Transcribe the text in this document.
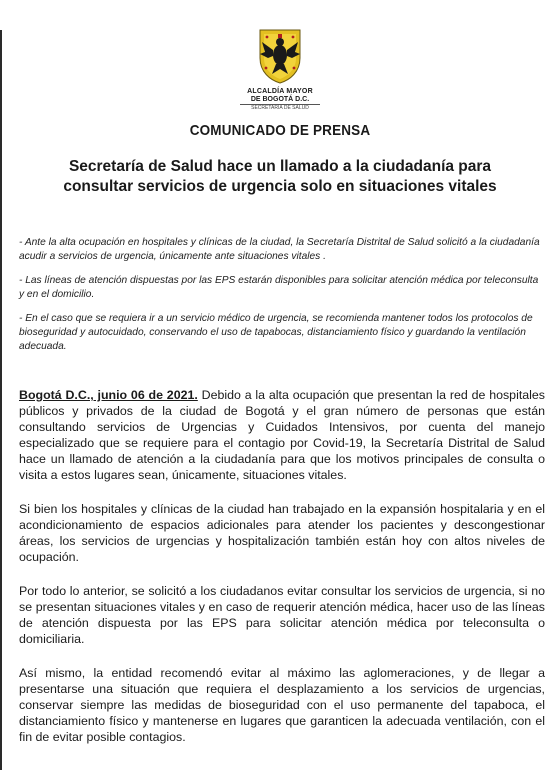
ALCALDÍA MAYOR
DE BOGOTÁ D.C.
SECRETARÍA DE SALUD
COMUNICADO DE PRENSA
Secretaría de Salud hace un llamado a la ciudadanía para consultar servicios de urgencia solo en situaciones vitales

- Ante la alta ocupación en hospitales y clínicas de la ciudad, la Secretaría Distrital de Salud solicitó a la ciudadanía acudir a servicios de urgencia, únicamente ante situaciones vitales .

- Las líneas de atención dispuestas por las EPS estarán disponibles para solicitar atención médica por teleconsulta y en el domicilio.

- En el caso que se requiera ir a un servicio médico de urgencia, se recomienda mantener todos los protocolos de bioseguridad y autocuidado, conservando el uso de tapabocas, distanciamiento físico y guardando la ventilación adecuada.

Bogotá D.C., junio 06 de 2021. Debido a la alta ocupación que presentan la red de hospitales públicos y privados de la ciudad de Bogotá y el gran número de personas que están consultando servicios de Urgencias y Cuidados Intensivos, por cuenta del manejo especializado que se requiere para el contagio por Covid-19, la Secretaría Distrital de Salud hace un llamado de atención a la ciudadanía para que los motivos principales de consulta o visita a estos lugares sean, únicamente, situaciones vitales.

Si bien los hospitales y clínicas de la ciudad han trabajado en la expansión hospitalaria y en el acondicionamiento de espacios adicionales para atender los pacientes y descongestionar áreas, los servicios de urgencias y hospitalización también están hoy con altos niveles de ocupación.

Por todo lo anterior, se solicitó a los ciudadanos evitar consultar los servicios de urgencia, si no se presentan situaciones vitales y en caso de requerir atención médica, hacer uso de las líneas de atención dispuesta por las EPS para solicitar atención médica por teleconsulta o domiciliaria.

Así mismo, la entidad recomendó evitar al máximo las aglomeraciones, y de llegar a presentarse una situación que requiera el desplazamiento a los servicios de urgencias, conservar siempre las medidas de bioseguridad con el uso permanente del tapaboca, el distanciamiento físico y mantenerse en lugares que garanticen la adecuada ventilación, con el fin de evitar posible contagios.
